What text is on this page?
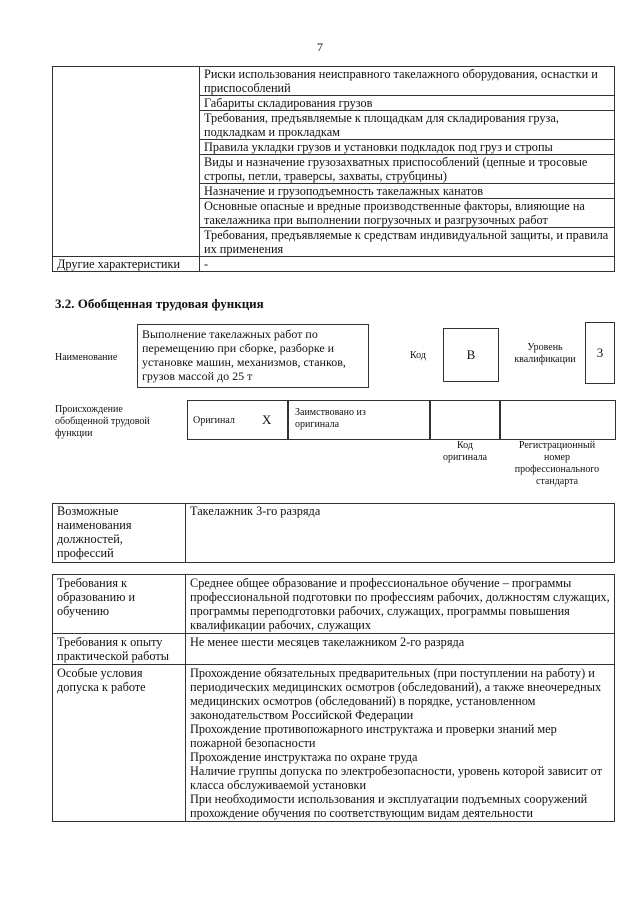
7
	Риски использования неисправного такелажного оборудования, оснастки и приспособлений
	Габариты складирования грузов
	Требования, предъявляемые к площадкам для складирования груза, подкладкам и прокладкам
	Правила укладки грузов и установки подкладок под груз и стропы
	Виды и назначение грузозахватных приспособлений (цепные и тросовые стропы, петли, траверсы, захваты, струбцины)
	Назначение и грузоподъемность такелажных канатов
	Основные опасные и вредные производственные факторы, влияющие на такелажника при выполнении погрузочных и разгрузочных работ
	Требования, предъявляемые к средствам индивидуальной защиты, и правила их применения
Другие характеристики	-
3.2. Обобщенная трудовая функция
Наименование
Выполнение такелажных работ по перемещению при сборке, разборке и установке машин, механизмов, станков, грузов массой до 25 т
Код	B	Уровень квалификации	3
Происхождение обобщенной трудовой функции
Оригинал X Заимствовано из оригинала
Код оригинала
Регистрационный номер профессионального стандарта
Возможные наименования должностей, профессий	Такелажник 3-го разряда
Требования к образованию и обучению	Среднее общее образование и профессиональное обучение – программы профессиональной подготовки по профессиям рабочих, должностям служащих, программы переподготовки рабочих, служащих, программы повышения квалификации рабочих, служащих
Требования к опыту практической работы	Не менее шести месяцев такелажником 2-го разряда
Особые условия допуска к работе	Прохождение обязательных предварительных (при поступлении на работу) и периодических медицинских осмотров (обследований), а также внеочередных медицинских осмотров (обследований) в порядке, установленном законодательством Российской Федерации
Прохождение противопожарного инструктажа и проверки знаний мер пожарной безопасности
Прохождение инструктажа по охране труда
Наличие группы допуска по электробезопасности, уровень которой зависит от класса обслуживаемой установки
При необходимости использования и эксплуатации подъемных сооружений прохождение обучения по соответствующим видам деятельности
